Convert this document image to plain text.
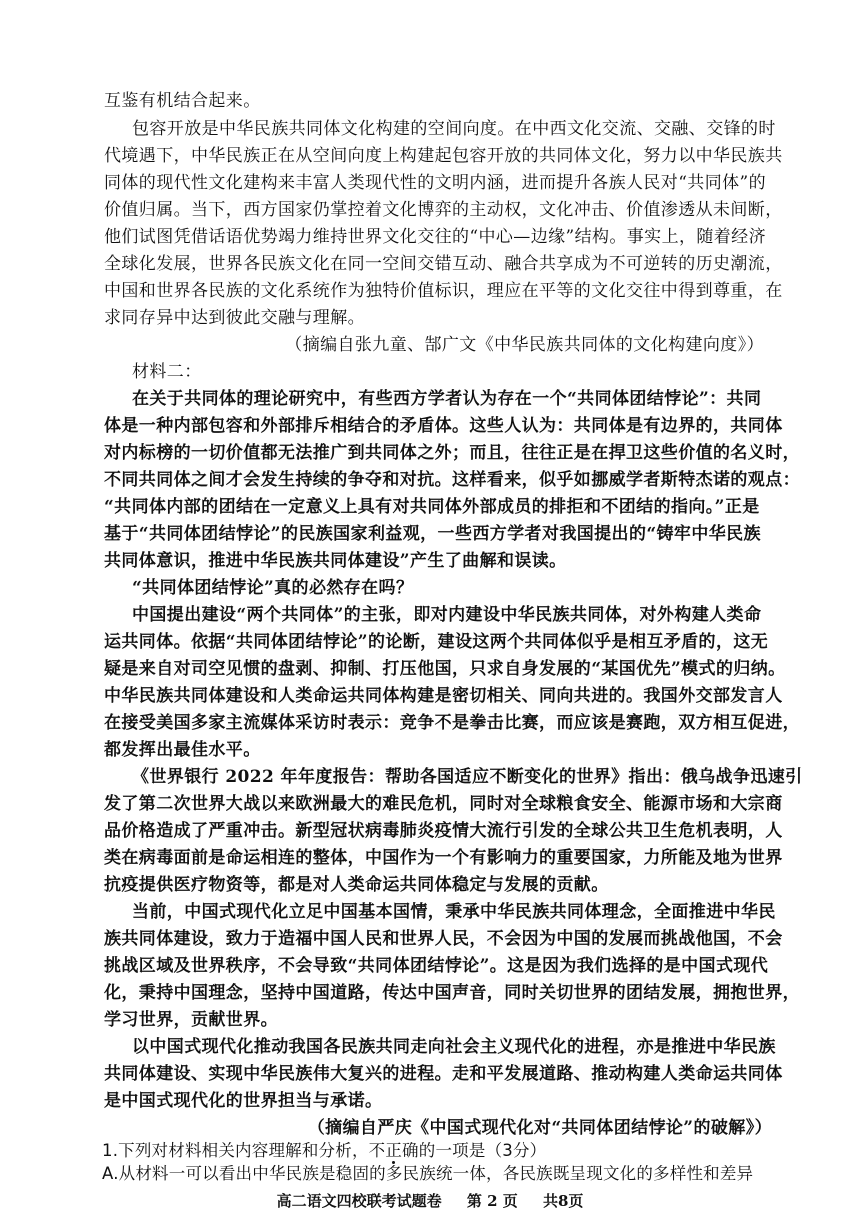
互鉴有机结合起来。
包容开放是中华民族共同体文化构建的空间向度。在中西文化交流、交融、交锋的时
代境遇下，中华民族正在从空间向度上构建起包容开放的共同体文化，努力以中华民族共
同体的现代性文化建构来丰富人类现代性的文明内涵，进而提升各族人民对“共同体”的
价值归属。当下，西方国家仍掌控着文化博弈的主动权，文化冲击、价值渗透从未间断，
他们试图凭借话语优势竭力维持世界文化交往的“中心—边缘”结构。事实上，随着经济
全球化发展，世界各民族文化在同一空间交错互动、融合共享成为不可逆转的历史潮流，
中国和世界各民族的文化系统作为独特价值标识，理应在平等的文化交往中得到尊重，在
求同存异中达到彼此交融与理解。
（摘编自张九童、郜广文《中华民族共同体的文化构建向度》）
材料二：
在关于共同体的理论研究中，有些西方学者认为存在一个“共同体团结悖论”：共同
体是一种内部包容和外部排斥相结合的矛盾体。这些人认为：共同体是有边界的，共同体
对内标榜的一切价值都无法推广到共同体之外；而且，往往正是在捍卫这些价值的名义时，
不同共同体之间才会发生持续的争夺和对抗。这样看来，似乎如挪威学者斯特杰诺的观点：
“共同体内部的团结在一定意义上具有对共同体外部成员的排拒和不团结的指向。”正是
基于“共同体团结悖论”的民族国家利益观，一些西方学者对我国提出的“铸牢中华民族
共同体意识，推进中华民族共同体建设”产生了曲解和误读。
“共同体团结悖论”真的必然存在吗？
中国提出建设“两个共同体”的主张，即对内建设中华民族共同体，对外构建人类命
运共同体。依据“共同体团结悖论”的论断，建设这两个共同体似乎是相互矛盾的，这无
疑是来自对司空见惯的盘剥、抑制、打压他国，只求自身发展的“某国优先”模式的归纳。
中华民族共同体建设和人类命运共同体构建是密切相关、同向共进的。我国外交部发言人
在接受美国多家主流媒体采访时表示：竞争不是拳击比赛，而应该是赛跑，双方相互促进，
都发挥出最佳水平。
《世界银行 2022 年年度报告：帮助各国适应不断变化的世界》指出：俄乌战争迅速引
发了第二次世界大战以来欧洲最大的难民危机，同时对全球粮食安全、能源市场和大宗商
品价格造成了严重冲击。新型冠状病毒肺炎疫情大流行引发的全球公共卫生危机表明，人
类在病毒面前是命运相连的整体，中国作为一个有影响力的重要国家，力所能及地为世界
抗疫提供医疗物资等，都是对人类命运共同体稳定与发展的贡献。
当前，中国式现代化立足中国基本国情，秉承中华民族共同体理念，全面推进中华民
族共同体建设，致力于造福中国人民和世界人民，不会因为中国的发展而挑战他国，不会
挑战区域及世界秩序，不会导致“共同体团结悖论”。这是因为我们选择的是中国式现代
化，秉持中国理念，坚持中国道路，传达中国声音，同时关切世界的团结发展，拥抱世界，
学习世界，贡献世界。
以中国式现代化推动我国各民族共同走向社会主义现代化的进程，亦是推进中华民族
共同体建设、实现中华民族伟大复兴的进程。走和平发展道路、推动构建人类命运共同体
是中国式现代化的世界担当与承诺。
（摘编自严庆《中国式现代化对“共同体团结悖论”的破解》）
1.下列对材料相关内容理解和分析，不正确的一项是（3分）
A.从材料一可以看出中华民族是稳固的多民族统一体，各民族既呈现文化的多样性和差异
高二语文四校联考试题卷 第 2 页 共8页
